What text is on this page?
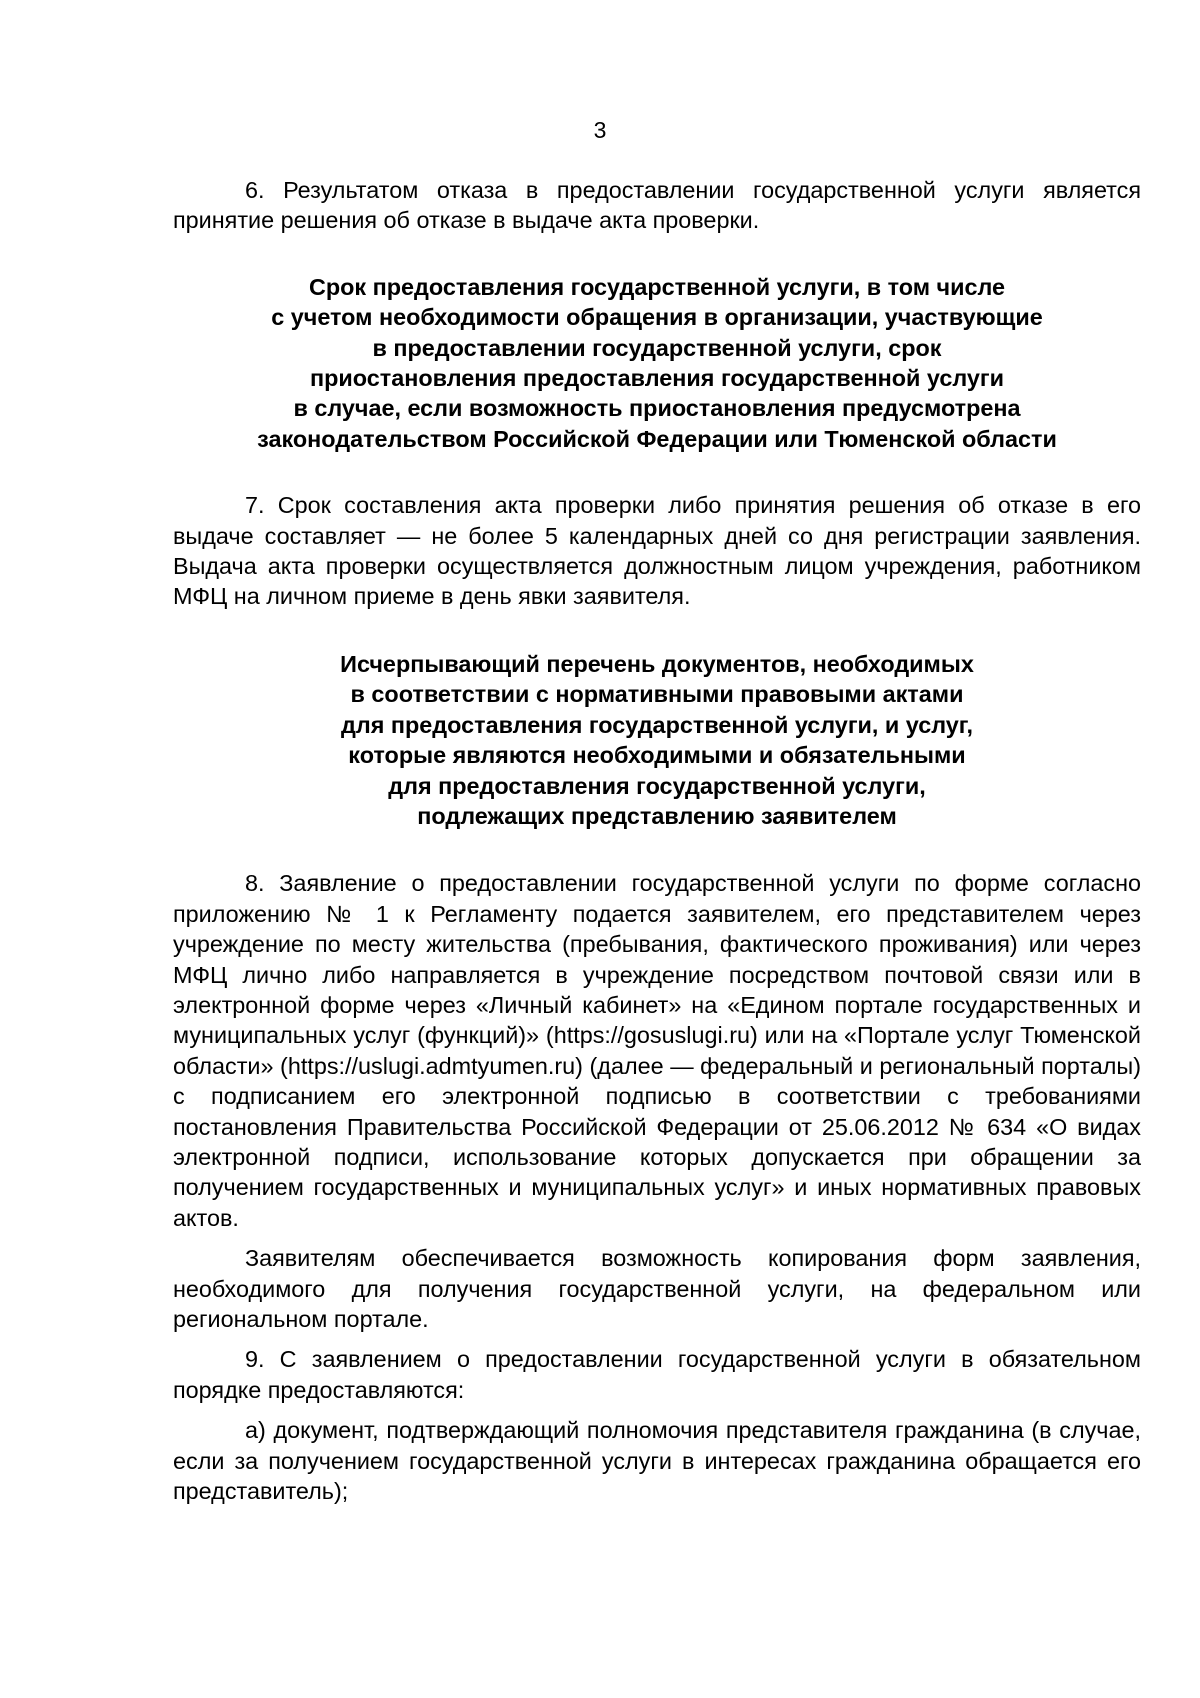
3

6. Результатом отказа в предоставлении государственной услуги является принятие решения об отказе в выдаче акта проверки.

Срок предоставления государственной услуги, в том числе
с учетом необходимости обращения в организации, участвующие
в предоставлении государственной услуги, срок
приостановления предоставления государственной услуги
в случае, если возможность приостановления предусмотрена
законодательством Российской Федерации или Тюменской области

7. Срок составления акта проверки либо принятия решения об отказе в его выдаче составляет — не более 5 календарных дней со дня регистрации заявления. Выдача акта проверки осуществляется должностным лицом учреждения, работником МФЦ на личном приеме в день явки заявителя.

Исчерпывающий перечень документов, необходимых
в соответствии с нормативными правовыми актами
для предоставления государственной услуги, и услуг,
которые являются необходимыми и обязательными
для предоставления государственной услуги,
подлежащих представлению заявителем

8. Заявление о предоставлении государственной услуги по форме согласно приложению № 1 к Регламенту подается заявителем, его представителем через учреждение по месту жительства (пребывания, фактического проживания) или через МФЦ лично либо направляется в учреждение посредством почтовой связи или в электронной форме через «Личный кабинет» на «Едином портале государственных и муниципальных услуг (функций)» (https://gosuslugi.ru) или на «Портале услуг Тюменской области» (https://uslugi.admtyumen.ru) (далее — федеральный и региональный порталы) с подписанием его электронной подписью в соответствии с требованиями постановления Правительства Российской Федерации от 25.06.2012 № 634 «О видах электронной подписи, использование которых допускается при обращении за получением государственных и муниципальных услуг» и иных нормативных правовых актов.

Заявителям обеспечивается возможность копирования форм заявления, необходимого для получения государственной услуги, на федеральном или региональном портале.

9. С заявлением о предоставлении государственной услуги в обязательном порядке предоставляются:

а) документ, подтверждающий полномочия представителя гражданина (в случае, если за получением государственной услуги в интересах гражданина обращается его представитель);
